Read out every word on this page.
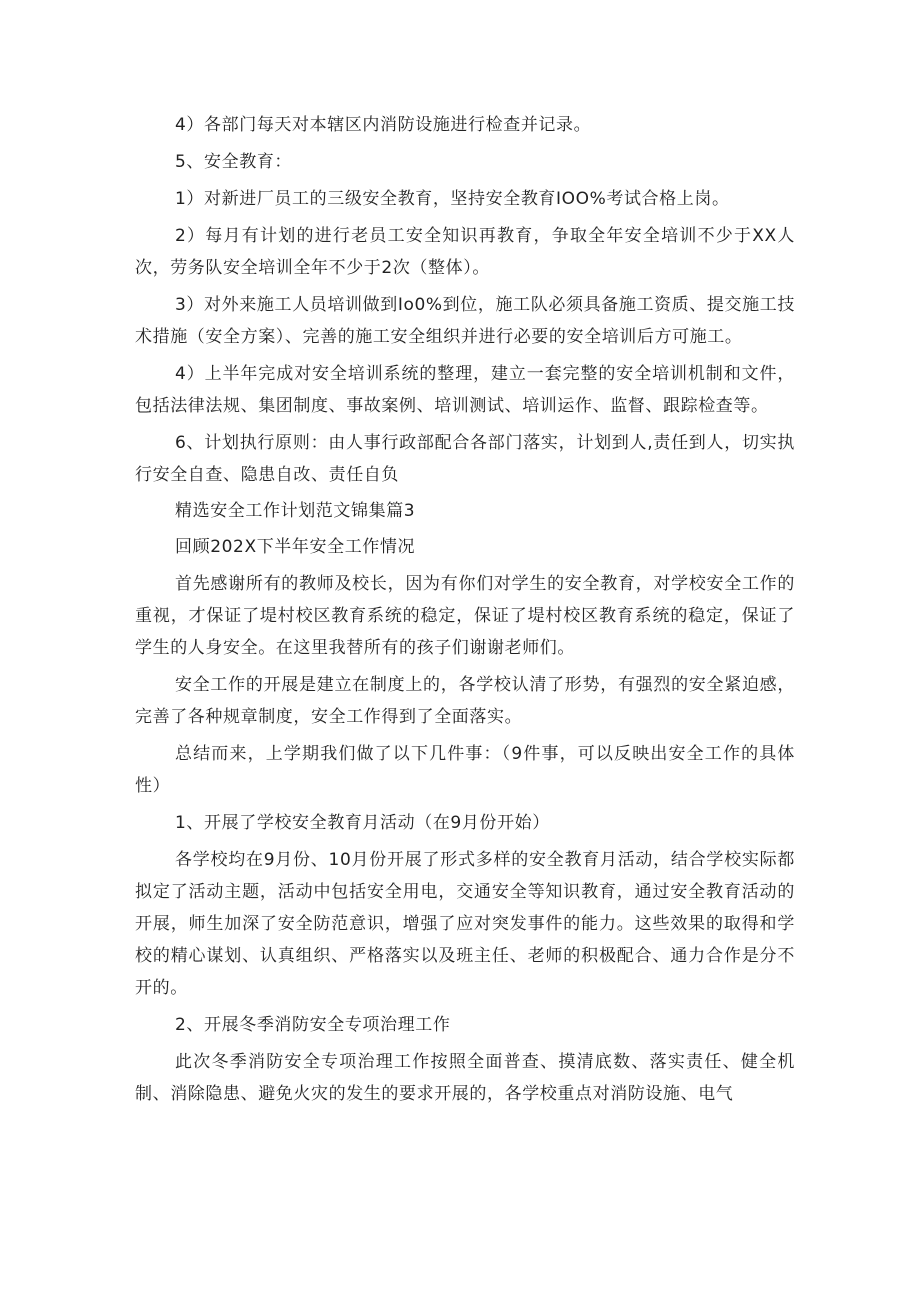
4）各部门每天对本辖区内消防设施进行检查并记录。

5、安全教育：

1）对新进厂员工的三级安全教育，坚持安全教育IOO%考试合格上岗。

2）每月有计划的进行老员工安全知识再教育，争取全年安全培训不少于XX人次，劳务队安全培训全年不少于2次（整体）。

3）对外来施工人员培训做到Io0%到位，施工队必须具备施工资质、提交施工技术措施（安全方案）、完善的施工安全组织并进行必要的安全培训后方可施工。

4）上半年完成对安全培训系统的整理，建立一套完整的安全培训机制和文件，包括法律法规、集团制度、事故案例、培训测试、培训运作、监督、跟踪检查等。

6、计划执行原则：由人事行政部配合各部门落实，计划到人,责任到人，切实执行安全自查、隐患自改、责任自负

精选安全工作计划范文锦集篇3

回顾202X下半年安全工作情况

首先感谢所有的教师及校长，因为有你们对学生的安全教育，对学校安全工作的重视，才保证了堤村校区教育系统的稳定，保证了堤村校区教育系统的稳定，保证了学生的人身安全。在这里我替所有的孩子们谢谢老师们。

安全工作的开展是建立在制度上的，各学校认清了形势，有强烈的安全紧迫感，完善了各种规章制度，安全工作得到了全面落实。

总结而来，上学期我们做了以下几件事：（9件事，可以反映出安全工作的具体性）

1、开展了学校安全教育月活动（在9月份开始）

各学校均在9月份、10月份开展了形式多样的安全教育月活动，结合学校实际都拟定了活动主题，活动中包括安全用电，交通安全等知识教育，通过安全教育活动的开展，师生加深了安全防范意识，增强了应对突发事件的能力。这些效果的取得和学校的精心谋划、认真组织、严格落实以及班主任、老师的积极配合、通力合作是分不开的。

2、开展冬季消防安全专项治理工作

此次冬季消防安全专项治理工作按照全面普查、摸清底数、落实责任、健全机制、消除隐患、避免火灾的发生的要求开展的，各学校重点对消防设施、电气
